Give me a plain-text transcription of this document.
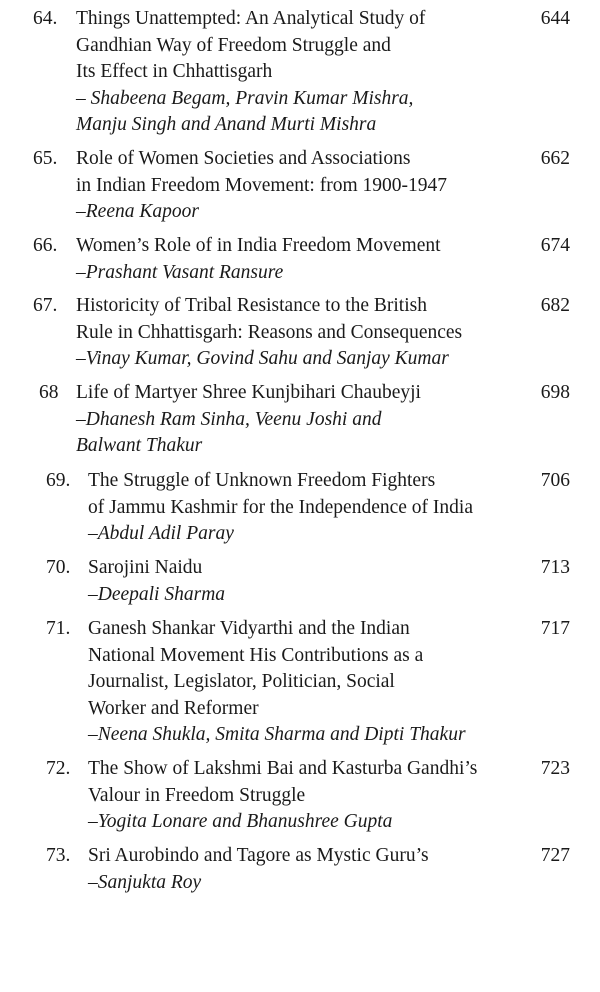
64. Things Unattempted: An Analytical Study of
Gandhian Way of Freedom Struggle and
Its Effect in Chhattisgarh
– Shabeena Begam, Pravin Kumar Mishra,
Manju Singh and Anand Murti Mishra
644
65. Role of Women Societies and Associations
in Indian Freedom Movement: from 1900-1947
–Reena Kapoor
662
66. Women’s Role of in India Freedom Movement
–Prashant Vasant Ransure
674
67. Historicity of Tribal Resistance to the British
Rule in Chhattisgarh: Reasons and Consequences
–Vinay Kumar, Govind Sahu and Sanjay Kumar
682
68 Life of Martyer Shree Kunjbihari Chaubeyji
–Dhanesh Ram Sinha, Veenu Joshi and
Balwant Thakur
698
69. The Struggle of Unknown Freedom Fighters
of Jammu Kashmir for the Independence of India
–Abdul Adil Paray
706
70. Sarojini Naidu
–Deepali Sharma
713
71. Ganesh Shankar Vidyarthi and the Indian
National Movement His Contributions as a
Journalist, Legislator, Politician, Social
Worker and Reformer
–Neena Shukla, Smita Sharma and Dipti Thakur
717
72. The Show of Lakshmi Bai and Kasturba Gandhi’s
Valour in Freedom Struggle
–Yogita Lonare and Bhanushree Gupta
723
73. Sri Aurobindo and Tagore as Mystic Guru’s
–Sanjukta Roy
727
